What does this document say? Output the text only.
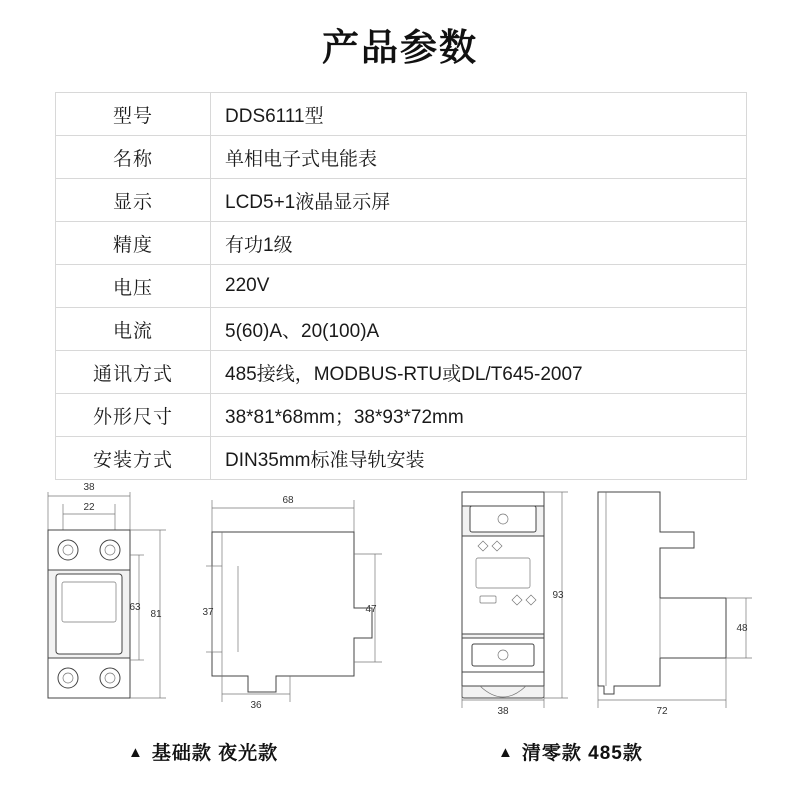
产品参数
型号	DDS6111型
名称	单相电子式电能表
显示	LCD5+1液晶显示屏
精度	有功1级
电压	220V
电流	5(60)A、20(100)A
通讯方式	485接线，MODBUS-RTU或DL/T645-2007
外形尺寸	38*81*68mm；38*93*72mm
安装方式	DIN35mm标准导轨安装
38
22
63
81
68
37	47
36
93
38
48
72
▲ 基础款 夜光款	▲ 清零款 485款
